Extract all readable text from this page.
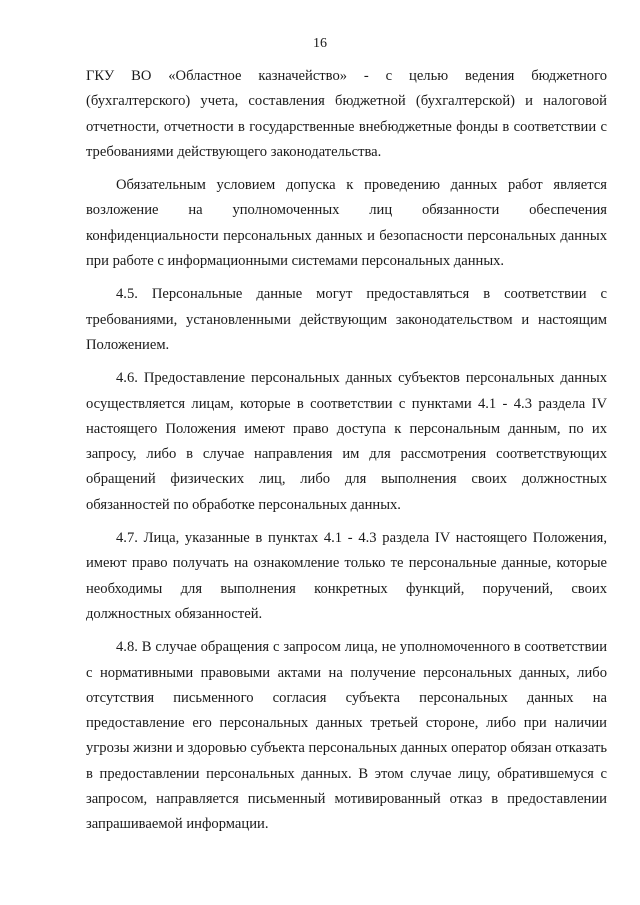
16

ГКУ ВО «Областное казначейство» - с целью ведения бюджетного (бухгалтерского) учета, составления бюджетной (бухгалтерской) и налоговой отчетности, отчетности в государственные внебюджетные фонды в соответствии с требованиями действующего законодательства.

Обязательным условием допуска к проведению данных работ является возложение на уполномоченных лиц обязанности обеспечения конфиденциальности персональных данных и безопасности персональных данных при работе с информационными системами персональных данных.

4.5. Персональные данные могут предоставляться в соответствии с требованиями, установленными действующим законодательством и настоящим Положением.

4.6. Предоставление персональных данных субъектов персональных данных осуществляется лицам, которые в соответствии с пунктами 4.1 - 4.3 раздела IV настоящего Положения имеют право доступа к персональным данным, по их запросу, либо в случае направления им для рассмотрения соответствующих обращений физических лиц, либо для выполнения своих должностных обязанностей по обработке персональных данных.

4.7. Лица, указанные в пунктах 4.1 - 4.3 раздела IV настоящего Положения, имеют право получать на ознакомление только те персональные данные, которые необходимы для выполнения конкретных функций, поручений, своих должностных обязанностей.

4.8. В случае обращения с запросом лица, не уполномоченного в соответствии с нормативными правовыми актами на получение персональных данных, либо отсутствия письменного согласия субъекта персональных данных на предоставление его персональных данных третьей стороне, либо при наличии угрозы жизни и здоровью субъекта персональных данных оператор обязан отказать в предоставлении персональных данных. В этом случае лицу, обратившемуся с запросом, направляется письменный мотивированный отказ в предоставлении запрашиваемой информации.
